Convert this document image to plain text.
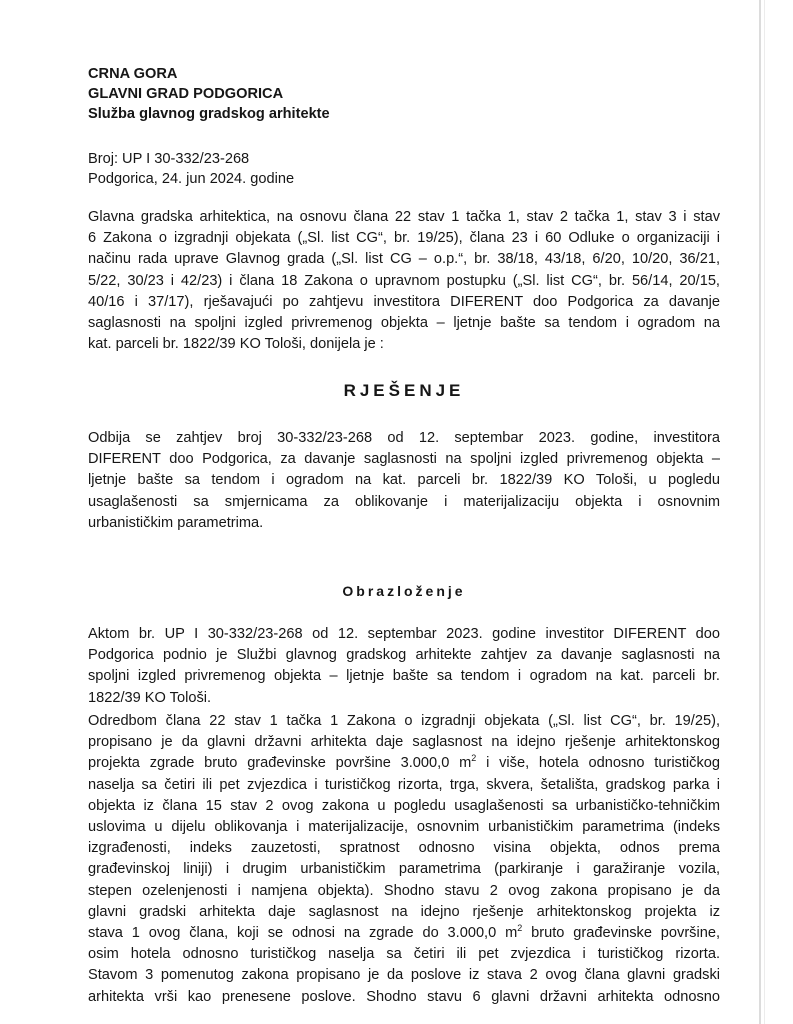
CRNA GORA
GLAVNI GRAD PODGORICA
Služba glavnog gradskog arhitekte
Broj: UP I 30-332/23-268
Podgorica, 24. jun 2024. godine
Glavna gradska arhitektica, na osnovu člana 22 stav 1 tačka 1, stav 2 tačka 1, stav 3 i stav
6 Zakona o izgradnji objekata („Sl. list CG“, br. 19/25), člana 23 i 60 Odluke o organizaciji i
načinu rada uprave Glavnog grada („Sl. list CG – o.p.“, br. 38/18, 43/18, 6/20, 10/20, 36/21,
5/22, 30/23 i 42/23) i člana 18 Zakona o upravnom postupku („Sl. list CG“, br. 56/14, 20/15,
40/16 i 37/17), rješavajući po zahtjevu investitora DIFERENT doo Podgorica za davanje
saglasnosti na spoljni izgled privremenog objekta – ljetnje bašte sa tendom i ogradom na
kat. parceli br. 1822/39 KO Tološi, donijela je :
RJEŠENJE
Odbija se zahtjev broj 30-332/23-268 od 12. septembar 2023. godine, investitora
DIFERENT doo Podgorica, za davanje saglasnosti na spoljni izgled privremenog objekta –
ljetnje bašte sa tendom i ogradom na kat. parceli br. 1822/39 KO Tološi, u pogledu
usaglašenosti sa smjernicama za oblikovanje i materijalizaciju objekta i osnovnim
urbanističkim parametrima.
Obrazloženje
Aktom br. UP I 30-332/23-268 od 12. septembar 2023. godine investitor DIFERENT doo
Podgorica podnio je Službi glavnog gradskog arhitekte zahtjev za davanje saglasnosti na
spoljni izgled privremenog objekta – ljetnje bašte sa tendom i ogradom na kat. parceli br.
1822/39 KO Tološi.
Odredbom člana 22 stav 1 tačka 1 Zakona o izgradnji objekata („Sl. list CG“, br. 19/25),
propisano je da glavni državni arhitekta daje saglasnost na idejno rješenje arhitektonskog
projekta zgrade bruto građevinske površine 3.000,0 $m^2$ i više, hotela odnosno turističkog
naselja sa četiri ili pet zvjezdica i turističkog rizorta, trga, skvera, šetališta, gradskog parka i
objekta iz člana 15 stav 2 ovog zakona u pogledu usaglašenosti sa urbanističko-tehničkim
uslovima u dijelu oblikovanja i materijalizacije, osnovnim urbanističkim parametrima (indeks
izgrađenosti, indeks zauzetosti, spratnost odnosno visina objekta, odnos prema
građevinskoj liniji) i drugim urbanističkim parametrima (parkiranje i garažiranje vozila,
stepen ozelenjenosti i namjena objekta). Shodno stavu 2 ovog zakona propisano je da
glavni gradski arhitekta daje saglasnost na idejno rješenje arhitektonskog projekta iz
stava 1 ovog člana, koji se odnosi na zgrade do 3.000,0 $m^2$ bruto građevinske površine,
osim hotela odnosno turističkog naselja sa četiri ili pet zvjezdica i turističkog rizorta.
Stavom 3 pomenutog zakona propisano je da poslove iz stava 2 ovog člana glavni gradski
arhitekta vrši kao prenesene poslove. Shodno stavu 6 glavni državni arhitekta odnosno
